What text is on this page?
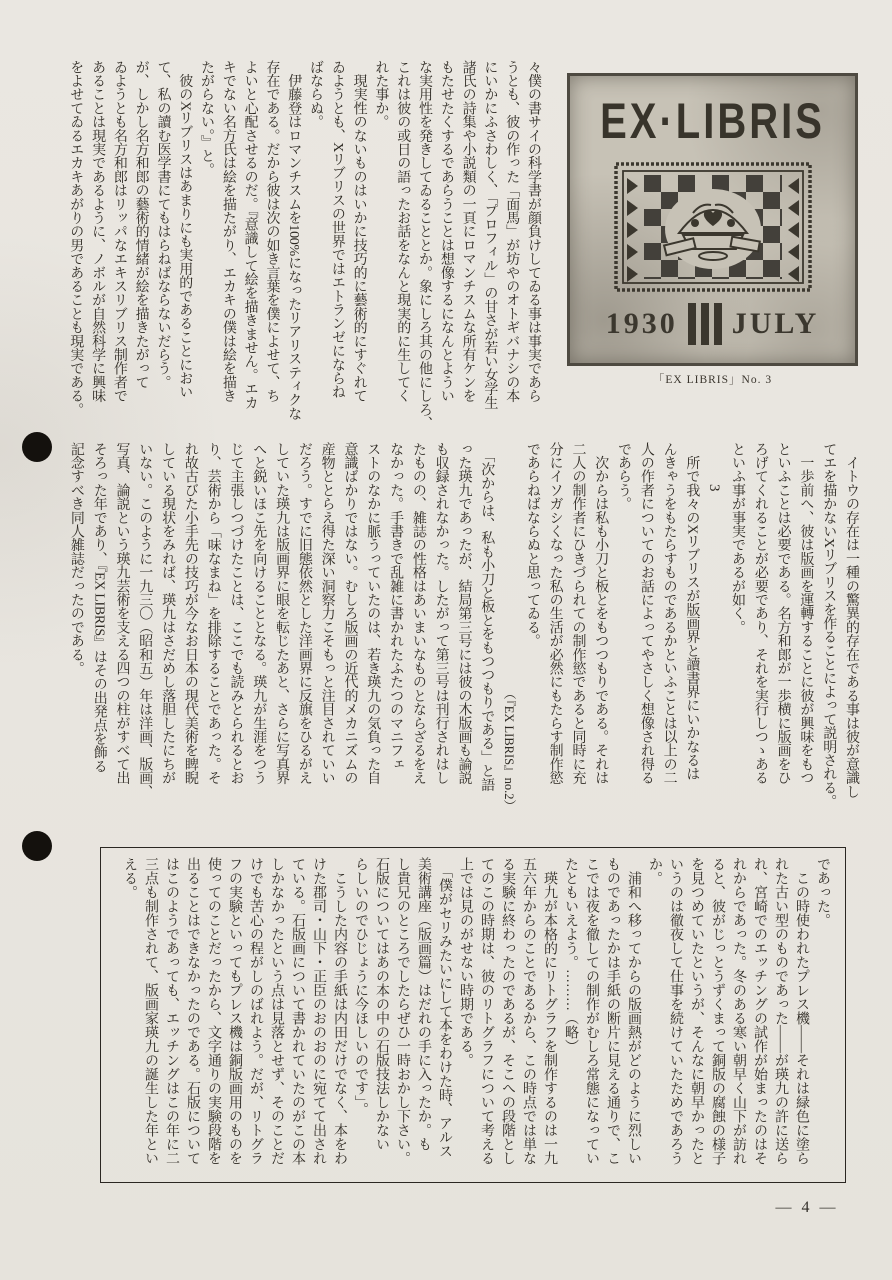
々僕の書サイの科学書が顔負けしてゐる事は事実であら
うとも、彼の作った「面馬」が坊やのオトギバナシの本
にいかにふさわしく、「プロフィル」の甘さが若い女学生
諸氏の詩集や小説類の一頁にロマンチスムな所有ケンを
もたせたくするであらうことは想像するになんとようい
な実用性を発きしてゐることとか。象にしろ其の他にしろ、
これは彼の或日の語ったお話をなんと現実的に生してく
れた事か。
　現実性のないものはいかに技巧的に藝術的にすぐれて
ゐようとも、Xリブリスの世界ではエトランゼにならね
ばならぬ。
　伊藤登はロマンチスムを100%になったリアリスティクな
存在である。だから彼は次の如き言葉を僕によせて、ち
よいと心配させるのだ。『意識して絵を描きません。エカ
キでない名方氏は絵を描たがり、エカキの僕は絵を描き
たがらない。』と。
　彼のXリブリスはあまりにも実用的であることにおい
て、私の讀む医学書にてもはらねばならないだらう。
が、しかし名方和郎の藝術的情緒が絵を描きたがって
ゐようとも名方和郎はリッパなエキスリブリス制作者で
あることは現実であるように、ノボルが自然科学に興味
をよせてゐるエカキあがりの男であることも現実である。	EX·LIBRIS
1930 JULY
「EX LIBRIS」No. 3
　イトウの存在は一種の驚異的存在である事は彼が意識し
てエを描かないXリブリスを作ることによって説明される。
　一歩前へ、彼は版画を運轉することに彼が興味をもつ
といふことは必要である。名方和郎が一歩横に版画をひ
ろげてくれることが必要であり、それを実行しつゝある
といふ事が事実であるが如く。
3
　所で我々のXリブリスが版画界と讀書界にいかなるは
んきゃうをもたらすものであるかといふことは以上の二
人の作者についてのお話によってやさしく想像され得る
であらう。
　次からは私も小刀と板とをもつつもりである。それは
二人の制作者にひきづられての制作慾であると同時に充
分にイソガシくなった私の生活が必然にもたらす制作慾
であらねばならぬと思ってゐる。
（『EX LIBRIS』no.2）
　「次からは、私も小刀と板とをもつつもりである」と語
った瑛九であったが、結局第三号には彼の木版画も論説
も収録されなかった。したがって第三号は刊行されはし
たものの、雑誌の性格はあいまいなものとならざるをえ
なかった。手書きで乱雑に書かれたふたつのマニフェ
ストのなかに脈うっていたのは、若き瑛九の気負った自
意識ばかりではない。むしろ版画の近代的メカニズムの
産物ととらえ得た深い洞察力こそもっと注目されていい
だろう。すでに旧態依然とした洋画界に反旗をひるがえ
していた瑛九は版画界に眼を転じたあと、さらに写真界
へと鋭いほこ先を向けることとなる。瑛九が生涯をつう
じて主張しつづけたことは、ここでも読みとられるとお
り、芸術から「味なまね」を排除することであった。そ
れ故古びた小手先の技巧が今なお日本の現代美術を睥睨
している現状をみれば、瑛九はさだめし落胆したにちが
いない。このように一九三〇（昭和五）年は洋画、版画、
写真、論説という瑛九芸術を支える四つの柱がすべて出
そろった年であり、『EX LIBRIS』はその出発点を飾る
記念すべき同人雑誌だったのである。
であった。
　この時使われたプレス機――それは緑色に塗ら
れた古い型のものであった――が瑛九の許に送ら
れ、宮崎でのエッチングの試作が始まったのはそ
れからであった。冬のある寒い朝早く山下が訪れ
ると、彼がじっとうずくまって銅版の腐蝕の様子
を見つめていたというが、そんなに朝早かったと
いうのは徹夜して仕事を続けていたためであろう
か。
　浦和へ移ってからの版画熱がどのように烈しい
ものであったかは手紙の断片に見える通りで、こ
こでは夜を徹しての制作がむしろ常態になってい
たともいえよう。………（略）
　瑛九が本格的にリトグラフを制作するのは一九
五六年からのことであるから、この時点では単な
る実験に終わったのであるが、そこへの段階とし
てのこの時期は、彼のリトグラフについて考える
上では見のがせない時期である。
　「僕がセリみたいにして本をわけた時、アルス
美術講座（版画篇）はだれの手に入ったか。も
し貴兄のところでしたらぜひ一時おかし下さい。
石版についてはあの本の中の石版技法しかない
らしいのでひじょうに今ほしいのです」。
　こうした内容の手紙は内田だけでなく、本をわ
けた郡司・山下・正臣のおのおのに宛てて出され
ている。石版画について書かれていたのがこの本
しかなかったという点は見落とせず、そのことだ
けでも苦心の程がしのばれよう。だが、リトグラ
フの実験といってもプレス機は銅版画用のものを
使ってのことだったから、文字通りの実験段階を
出ることはできなかったのである。石版について
はこのようであっても、エッチングはこの年に二
三点も制作されて、版画家瑛九の誕生した年とい
える。
— 4 —
